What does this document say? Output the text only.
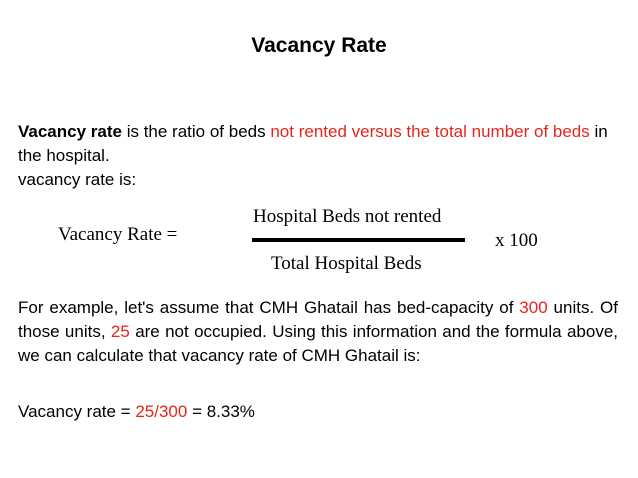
Vacancy Rate
Vacancy rate is the ratio of beds not rented versus the total number of beds in the hospital.
vacancy rate is:
Vacancy Rate =
Hospital Beds not rented
Total Hospital Beds
x 100
For example, let's assume that CMH Ghatail has bed-capacity of 300 units. Of those units, 25 are not occupied. Using this information and the formula above, we can calculate that vacancy rate of CMH Ghatail is:
Vacancy rate = 25/300 = 8.33%
